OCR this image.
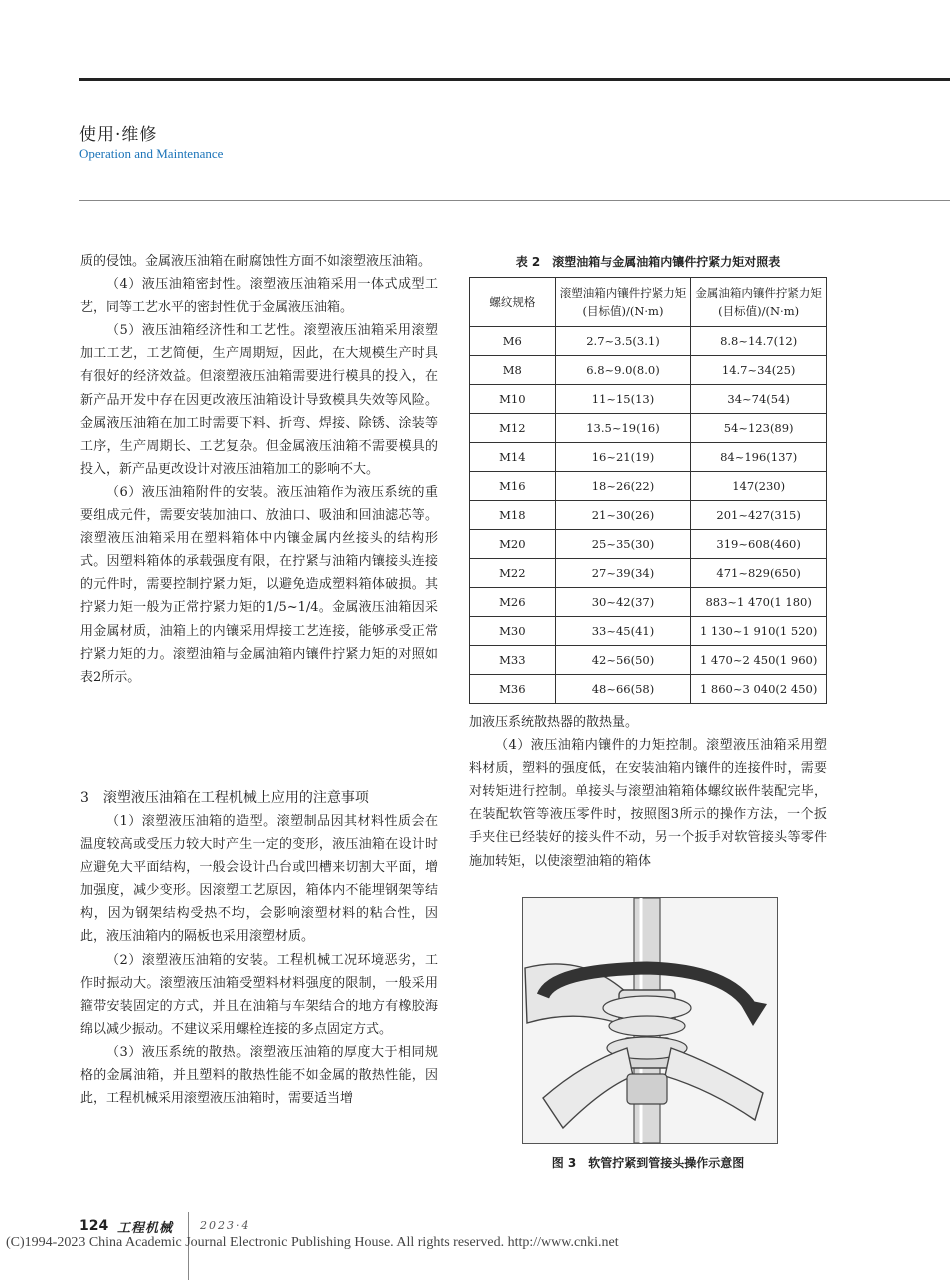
使用·维修
Operation and Maintenance

质的侵蚀。金属液压油箱在耐腐蚀性方面不如滚塑液压油箱。

（4）液压油箱密封性。滚塑液压油箱采用一体式成型工艺，同等工艺水平的密封性优于金属液压油箱。

（5）液压油箱经济性和工艺性。滚塑液压油箱采用滚塑加工工艺，工艺简便，生产周期短，因此，在大规模生产时具有很好的经济效益。但滚塑液压油箱需要进行模具的投入，在新产品开发中存在因更改液压油箱设计导致模具失效等风险。金属液压油箱在加工时需要下料、折弯、焊接、除锈、涂装等工序，生产周期长、工艺复杂。但金属液压油箱不需要模具的投入，新产品更改设计对液压油箱加工的影响不大。

（6）液压油箱附件的安装。液压油箱作为液压系统的重要组成元件，需要安装加油口、放油口、吸油和回油滤芯等。滚塑液压油箱采用在塑料箱体中内镶金属内丝接头的结构形式。因塑料箱体的承载强度有限，在拧紧与油箱内镶接头连接的元件时，需要控制拧紧力矩，以避免造成塑料箱体破损。其拧紧力矩一般为正常拧紧力矩的1/5~1/4。金属液压油箱因采用金属材质，油箱上的内镶采用焊接工艺连接，能够承受正常拧紧力矩的力。滚塑油箱与金属油箱内镶件拧紧力矩的对照如表2所示。

3　滚塑液压油箱在工程机械上应用的注意事项

（1）滚塑液压油箱的造型。滚塑制品因其材料性质会在温度较高或受压力较大时产生一定的变形，液压油箱在设计时应避免大平面结构，一般会设计凸台或凹槽来切割大平面，增加强度，减少变形。因滚塑工艺原因，箱体内不能埋钢架等结构，因为钢架结构受热不均，会影响滚塑材料的粘合性，因此，液压油箱内的隔板也采用滚塑材质。

（2）滚塑液压油箱的安装。工程机械工况环境恶劣，工作时振动大。滚塑液压油箱受塑料材料强度的限制，一般采用箍带安装固定的方式，并且在油箱与车架结合的地方有橡胶海绵以减少振动。不建议采用螺栓连接的多点固定方式。

（3）液压系统的散热。滚塑液压油箱的厚度大于相同规格的金属油箱，并且塑料的散热性能不如金属的散热性能，因此，工程机械采用滚塑液压油箱时，需要适当增

表 2　滚塑油箱与金属油箱内镶件拧紧力矩对照表
螺纹规格	滚塑油箱内镶件拧紧力矩(目标值)/(N·m)	金属油箱内镶件拧紧力矩(目标值)/(N·m)
M6	2.7~3.5(3.1)	8.8~14.7(12)
M8	6.8~9.0(8.0)	14.7~34(25)
M10	11~15(13)	34~74(54)
M12	13.5~19(16)	54~123(89)
M14	16~21(19)	84~196(137)
M16	18~26(22)	147(230)
M18	21~30(26)	201~427(315)
M20	25~35(30)	319~608(460)
M22	27~39(34)	471~829(650)
M26	30~42(37)	883~1 470(1 180)
M30	33~45(41)	1 130~1 910(1 520)
M33	42~56(50)	1 470~2 450(1 960)
M36	48~66(58)	1 860~3 040(2 450)

加液压系统散热器的散热量。

（4）液压油箱内镶件的力矩控制。滚塑液压油箱采用塑料材质，塑料的强度低，在安装油箱内镶件的连接件时，需要对转矩进行控制。单接头与滚塑油箱箱体螺纹嵌件装配完毕，在装配软管等液压零件时，按照图3所示的操作方法，一个扳手夹住已经装好的接头件不动，另一个扳手对软管接头等零件施加转矩，以使滚塑油箱的箱体

图 3　软管拧紧到管接头操作示意图
124 工程机械 2023·4
(C)1994-2023 China Academic Journal Electronic Publishing House. All rights reserved. http://www.cnki.net
